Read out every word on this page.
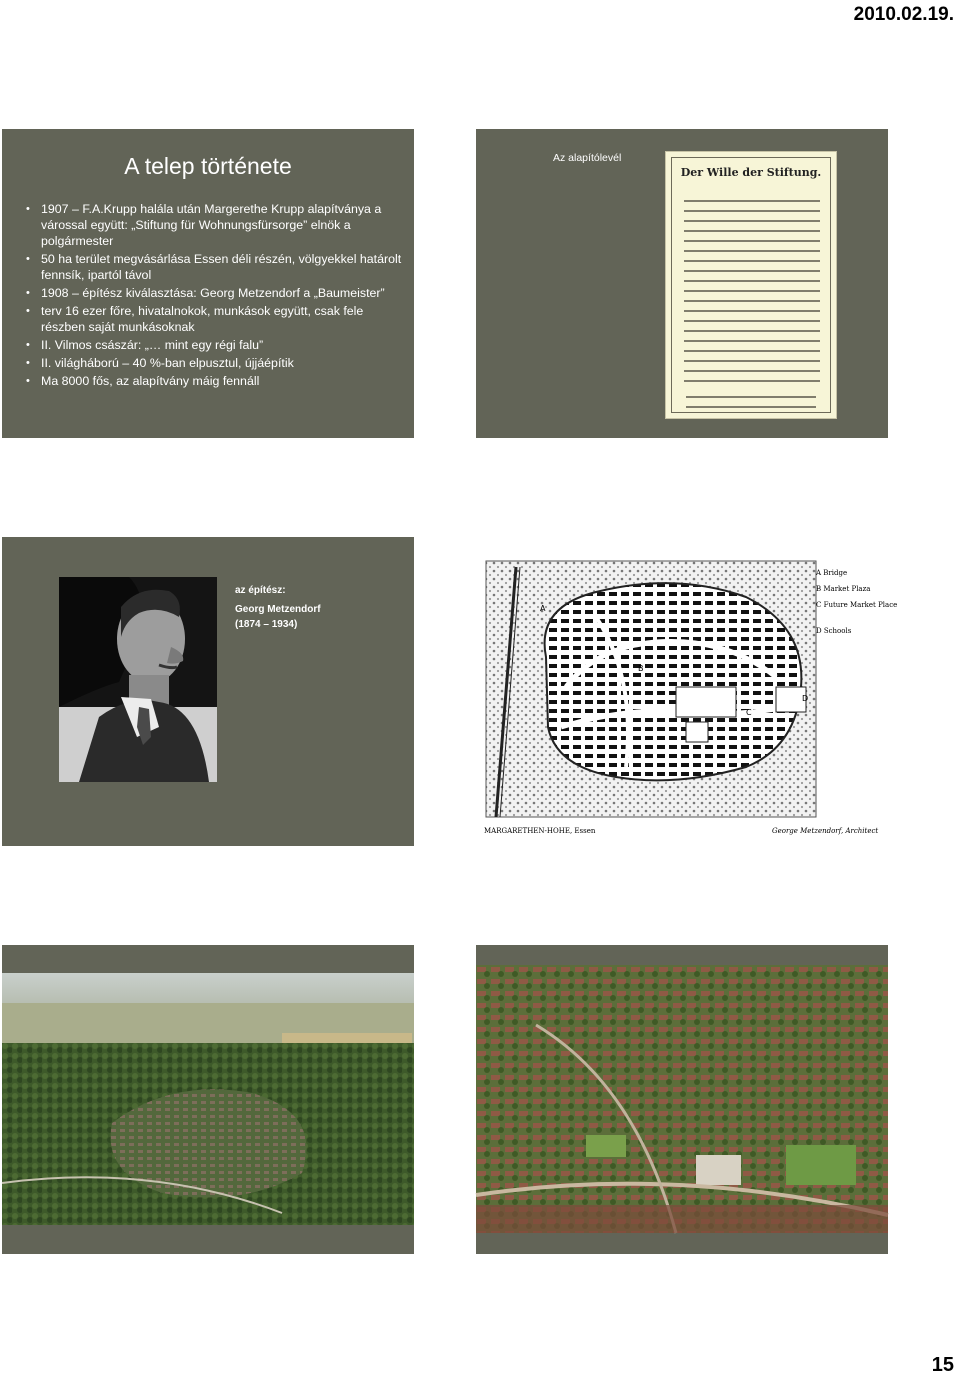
2010.02.19.
A telep története
• 1907 – F.A.Krupp halála után Margerethe Krupp alapítványa a várossal együtt: „Stiftung für Wohnungsfürsorge” elnök a polgármester
• 50 ha terület megvásárlása Essen déli részén, völgyekkel határolt fennsík, ipartól távol
• 1908 – építész kiválasztása: Georg Metzendorf a „Baumeister”
• terv 16 ezer főre, hivatalnokok, munkások együtt, csak fele részben saját munkásoknak
• II. Vilmos császár: „… mint egy régi falu”
• II. világháború – 40 %-ban elpusztul, újjáépítik
• Ma 8000 fős, az alapítvány máig fennáll
Az alapítólevél
Der Wille der Stiftung.
az építész:
Georg Metzendorf
(1874 – 1934)
A
B
C
D
A Bridge
B Market Plaza
C Future Market Place
D Schools
MARGARETHEN-HOHE, Essen	George Metzendorf, Architect
15
